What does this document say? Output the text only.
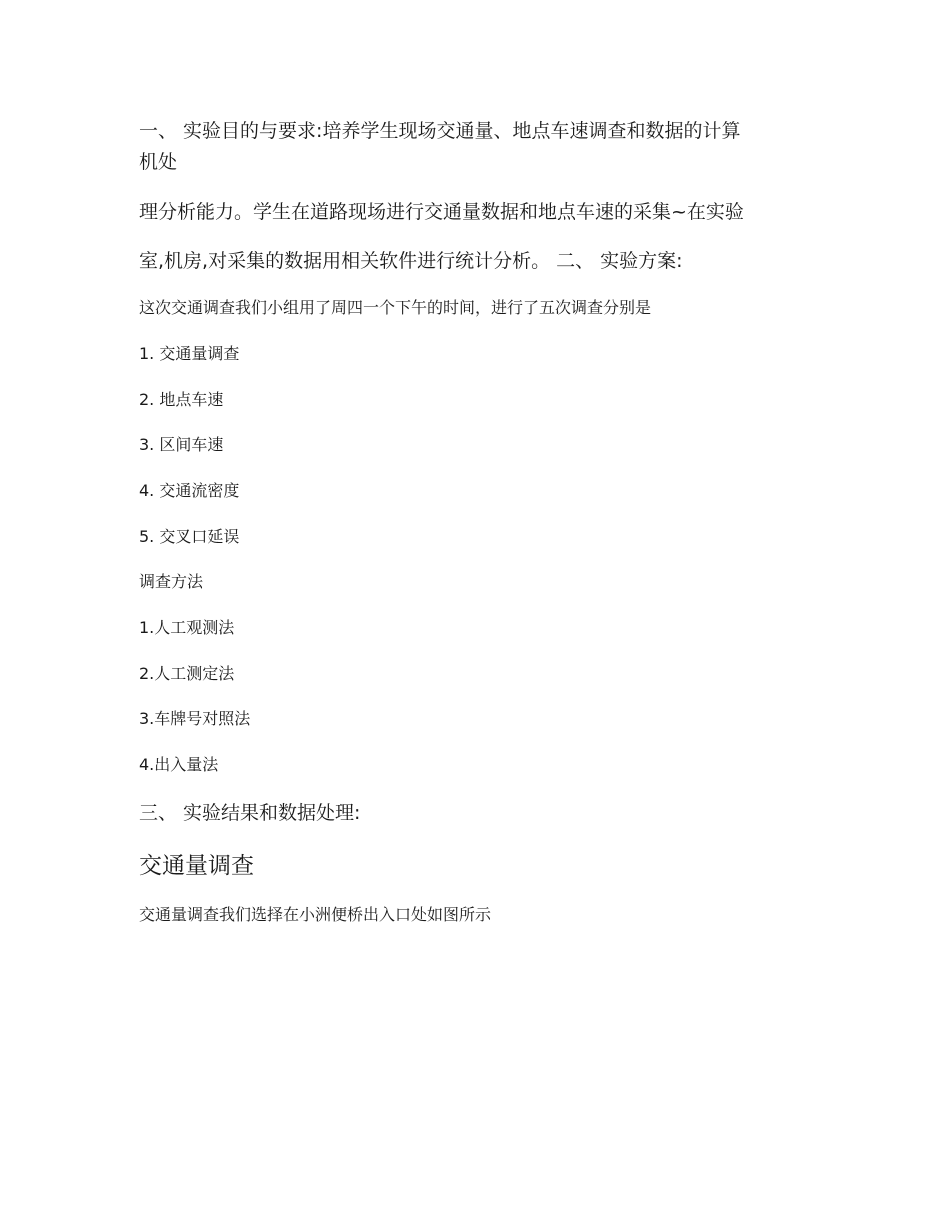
一、 实验目的与要求:培养学生现场交通量、地点车速调查和数据的计算
机处
理分析能力。学生在道路现场进行交通量数据和地点车速的采集~在实验
室,机房,对采集的数据用相关软件进行统计分析。 二、 实验方案:
这次交通调查我们小组用了周四一个下午的时间，进行了五次调查分别是
1. 交通量调查
2. 地点车速
3. 区间车速
4. 交通流密度
5. 交叉口延误
调查方法
1.人工观测法
2.人工测定法
3.车牌号对照法
4.出入量法
三、 实验结果和数据处理:
交通量调查
交通量调查我们选择在小洲便桥出入口处如图所示
